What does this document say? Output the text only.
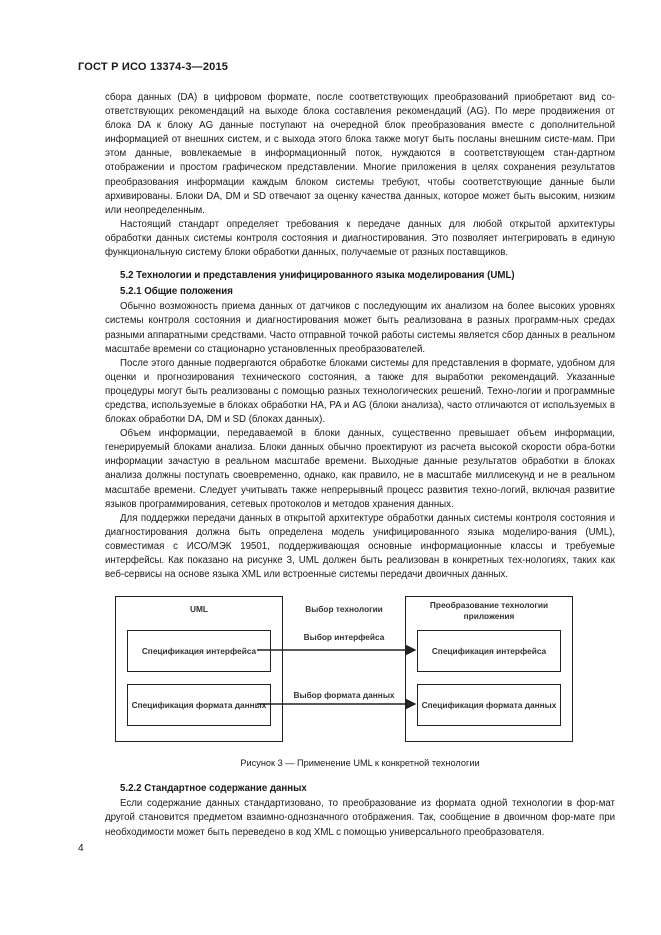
ГОСТ Р ИСО 13374-3—2015

сбора данных (DA) в цифровом формате, после соответствующих преобразований приобретают вид со-ответствующих рекомендаций на выходе блока составления рекомендаций (AG). По мере продвижения от блока DA к блоку AG данные поступают на очередной блок преобразования вместе с дополнительной информацией от внешних систем, и с выхода этого блока также могут быть посланы внешним систе-мам. При этом данные, вовлекаемые в информационный поток, нуждаются в соответствующем стан-дартном отображении и простом графическом представлении. Многие приложения в целях сохранения результатов преобразования информации каждым блоком системы требуют, чтобы соответствующие данные были архивированы. Блоки DA, DM и SD отвечают за оценку качества данных, которое может быть высоким, низким или неопределенным.

Настоящий стандарт определяет требования к передаче данных для любой открытой архитектуры обработки данных системы контроля состояния и диагностирования. Это позволяет интегрировать в единую функциональную систему блоки обработки данных, получаемые от разных поставщиков.

5.2 Технологии и представления унифицированного языка моделирования (UML)
5.2.1 Общие положения

Обычно возможность приема данных от датчиков с последующим их анализом на более высоких уровнях системы контроля состояния и диагностирования может быть реализована в разных программ-ных средах разными аппаратными средствами. Часто отправной точкой работы системы является сбор данных в реальном масштабе времени со стационарно установленных преобразователей.

После этого данные подвергаются обработке блоками системы для представления в формате, удобном для оценки и прогнозирования технического состояния, а также для выработки рекомендаций. Указанные процедуры могут быть реализованы с помощью разных технологических решений. Техно-логии и программные средства, используемые в блоках обработки HA, PA и AG (блоки анализа), часто отличаются от используемых в блоках обработки DA, DM и SD (блоках данных).

Объем информации, передаваемой в блоки данных, существенно превышает объем информации, генерируемый блоками анализа. Блоки данных обычно проектируют из расчета высокой скорости обра-ботки информации зачастую в реальном масштабе времени. Выходные данные результатов обработки в блоках анализа должны поступать своевременно, однако, как правило, не в масштабе миллисекунд и не в реальном масштабе времени. Следует учитывать также непрерывный процесс развития техно-логий, включая развитие языков программирования, сетевых протоколов и методов хранения данных.

Для поддержки передачи данных в открытой архитектуре обработки данных системы контроля состояния и диагностирования должна быть определена модель унифицированного языка моделиро-вания (UML), совместимая с ИСО/МЭК 19501, поддерживающая основные информационные классы и требуемые интерфейсы. Как показано на рисунке 3, UML должен быть реализован в конкретных тех-нологиях, таких как веб-сервисы на основе языка XML или встроенные системы передачи двоичных данных.

UML	Преобразование технологии приложения
Спецификация интерфейса
Спецификация формата данных
Спецификация интерфейса
Спецификация формата данных
Выбор технологии
Выбор интерфейса
Выбор формата данных
Рисунок 3 — Применение UML к конкретной технологии
5.2.2 Стандартное содержание данных

Если содержание данных стандартизовано, то преобразование из формата одной технологии в фор-мат другой становится предметом взаимно-однозначного отображения. Так, сообщение в двоичном фор-мате при необходимости может быть переведено в код XML с помощью универсального преобразователя.

4
